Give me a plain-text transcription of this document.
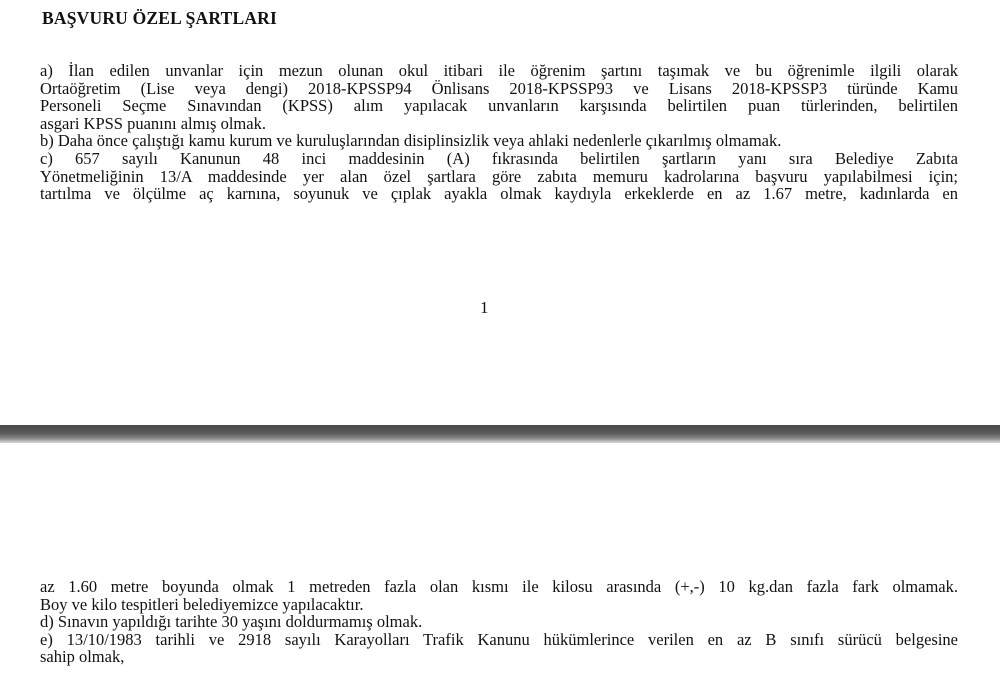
BAŞVURU ÖZEL ŞARTLARI
a) İlan edilen unvanlar için mezun olunan okul itibari ile öğrenim şartını taşımak ve bu öğrenimle ilgili olarak
Ortaöğretim (Lise veya dengi) 2018-KPSSP94 Önlisans 2018-KPSSP93 ve Lisans 2018-KPSSP3 türünde Kamu
Personeli Seçme Sınavından (KPSS) alım yapılacak unvanların karşısında belirtilen puan türlerinden, belirtilen
asgari KPSS puanını almış olmak.
b) Daha önce çalıştığı kamu kurum ve kuruluşlarından disiplinsizlik veya ahlaki nedenlerle çıkarılmış olmamak.
c) 657 sayılı Kanunun 48 inci maddesinin (A) fıkrasında belirtilen şartların yanı sıra Belediye Zabıta
Yönetmeliğinin 13/A maddesinde yer alan özel şartlara göre zabıta memuru kadrolarına başvuru yapılabilmesi için;
tartılma ve ölçülme aç karnına, soyunuk ve çıplak ayakla olmak kaydıyla erkeklerde en az 1.67 metre, kadınlarda en
1
az 1.60 metre boyunda olmak 1 metreden fazla olan kısmı ile kilosu arasında (+,-) 10 kg.dan fazla fark olmamak.
Boy ve kilo tespitleri belediyemizce yapılacaktır.
d) Sınavın yapıldığı tarihte 30 yaşını doldurmamış olmak.
e) 13/10/1983 tarihli ve 2918 sayılı Karayolları Trafik Kanunu hükümlerince verilen en az B sınıfı sürücü belgesine
sahip olmak,
